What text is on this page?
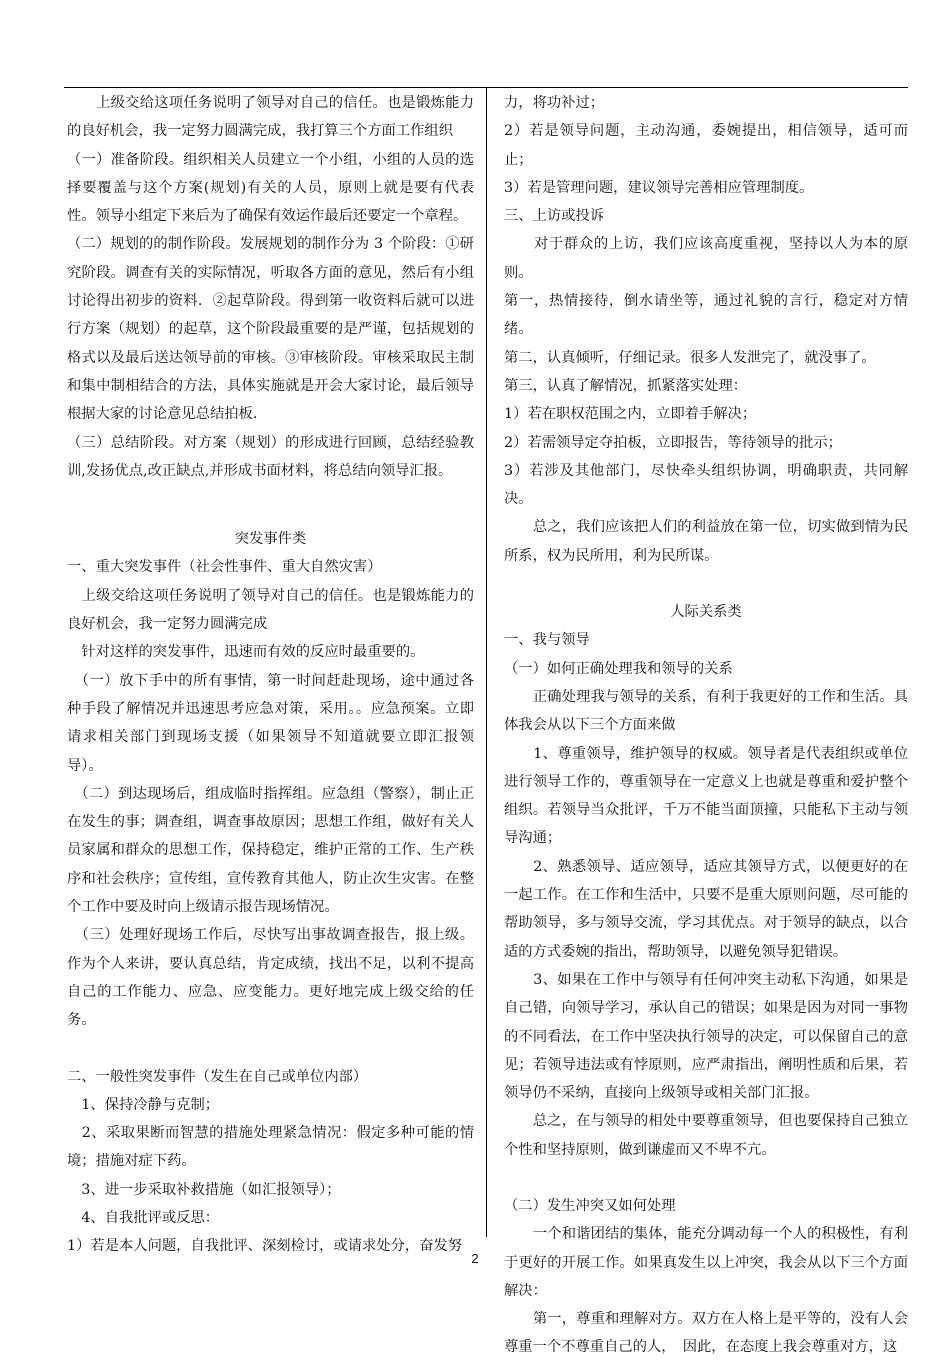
　　上级交给这项任务说明了领导对自己的信任。也是锻炼能力的良好机会，我一定努力圆满完成，我打算三个方面工作组织

（一）准备阶段。组织相关人员建立一个小组，小组的人员的选择要覆盖与这个方案(规划)有关的人员，原则上就是要有代表性。领导小组定下来后为了确保有效运作最后还要定一个章程。

（二）规划的的制作阶段。发展规划的制作分为 3 个阶段：①研究阶段。调查有关的实际情况，听取各方面的意见，然后有小组讨论得出初步的资料．②起草阶段。得到第一收资料后就可以进行方案（规划）的起草，这个阶段最重要的是严谨，包括规划的格式以及最后送达领导前的审核。③审核阶段。审核采取民主制和集中制相结合的方法，具体实施就是开会大家讨论，最后领导根据大家的讨论意见总结拍板.

（三）总结阶段。对方案（规划）的形成进行回顾，总结经验教训,发扬优点,改正缺点,并形成书面材料，将总结向领导汇报。

突发事件类

一、重大突发事件（社会性事件、重大自然灾害）

　上级交给这项任务说明了领导对自己的信任。也是锻炼能力的良好机会，我一定努力圆满完成

　针对这样的突发事件，迅速而有效的反应时最重要的。

　（一）放下手中的所有事情，第一时间赶赴现场，途中通过各种手段了解情况并迅速思考应急对策，采用。。应急预案。立即请求相关部门到现场支援（如果领导不知道就要立即汇报领导）。

　（二）到达现场后，组成临时指挥组。应急组（警察），制止正在发生的事；调查组，调查事故原因；思想工作组，做好有关人员家属和群众的思想工作，保持稳定，维护正常的工作、生产秩序和社会秩序；宣传组，宣传教育其他人，防止次生灾害。在整个工作中要及时向上级请示报告现场情况。

　（三）处理好现场工作后，尽快写出事故调查报告，报上级。作为个人来讲，要认真总结，肯定成绩，找出不足，以利不提高自己的工作能力、应急、应变能力。更好地完成上级交给的任务。

二、一般性突发事件（发生在自己或单位内部）

　1、保持冷静与克制；

　2、采取果断而智慧的措施处理紧急情况：假定多种可能的情境；措施对症下药。

　3、进一步采取补救措施（如汇报领导）；

　4、自我批评或反思：

1）若是本人问题，自我批评、深刻检讨，或请求处分，奋发努

力，将功补过；

2）若是领导问题，主动沟通，委婉提出，相信领导，适可而止；

3）若是管理问题，建议领导完善相应管理制度。

三、上访或投诉

　　对于群众的上访，我们应该高度重视，坚持以人为本的原则。

第一，热情接待，倒水请坐等，通过礼貌的言行，稳定对方情绪。

第二，认真倾听，仔细记录。很多人发泄完了，就没事了。

第三，认真了解情况，抓紧落实处理：

1）若在职权范围之内，立即着手解决；

2）若需领导定夺拍板，立即报告，等待领导的批示；

3）若涉及其他部门，尽快牵头组织协调，明确职责，共同解决。

　　总之，我们应该把人们的利益放在第一位，切实做到情为民所系，权为民所用，利为民所谋。

人际关系类

一、我与领导

（一）如何正确处理我和领导的关系

　　正确处理我与领导的关系，有利于我更好的工作和生活。具体我会从以下三个方面来做

　　1、尊重领导，维护领导的权威。领导者是代表组织或单位进行领导工作的，尊重领导在一定意义上也就是尊重和爱护整个组织。若领导当众批评，千万不能当面顶撞，只能私下主动与领导沟通；

　　2、熟悉领导、适应领导，适应其领导方式，以便更好的在一起工作。在工作和生活中，只要不是重大原则问题，尽可能的帮助领导，多与领导交流，学习其优点。对于领导的缺点，以合适的方式委婉的指出，帮助领导，以避免领导犯错误。

　　3、如果在工作中与领导有任何冲突主动私下沟通，如果是自己错，向领导学习，承认自己的错误；如果是因为对同一事物的不同看法，在工作中坚决执行领导的决定，可以保留自己的意见；若领导违法或有悖原则，应严肃指出，阐明性质和后果，若领导仍不采纳，直接向上级领导或相关部门汇报。

　　总之，在与领导的相处中要尊重领导，但也要保持自己独立个性和坚持原则，做到谦虚而又不卑不亢。

（二）发生冲突又如何处理

　　一个和谐团结的集体，能充分调动每一个人的积极性，有利于更好的开展工作。如果真发生以上冲突，我会从以下三个方面解决：

　　第一，尊重和理解对方。双方在人格上是平等的，没有人会尊重一个不尊重自己的人，　因此，在态度上我会尊重对方，这

2
